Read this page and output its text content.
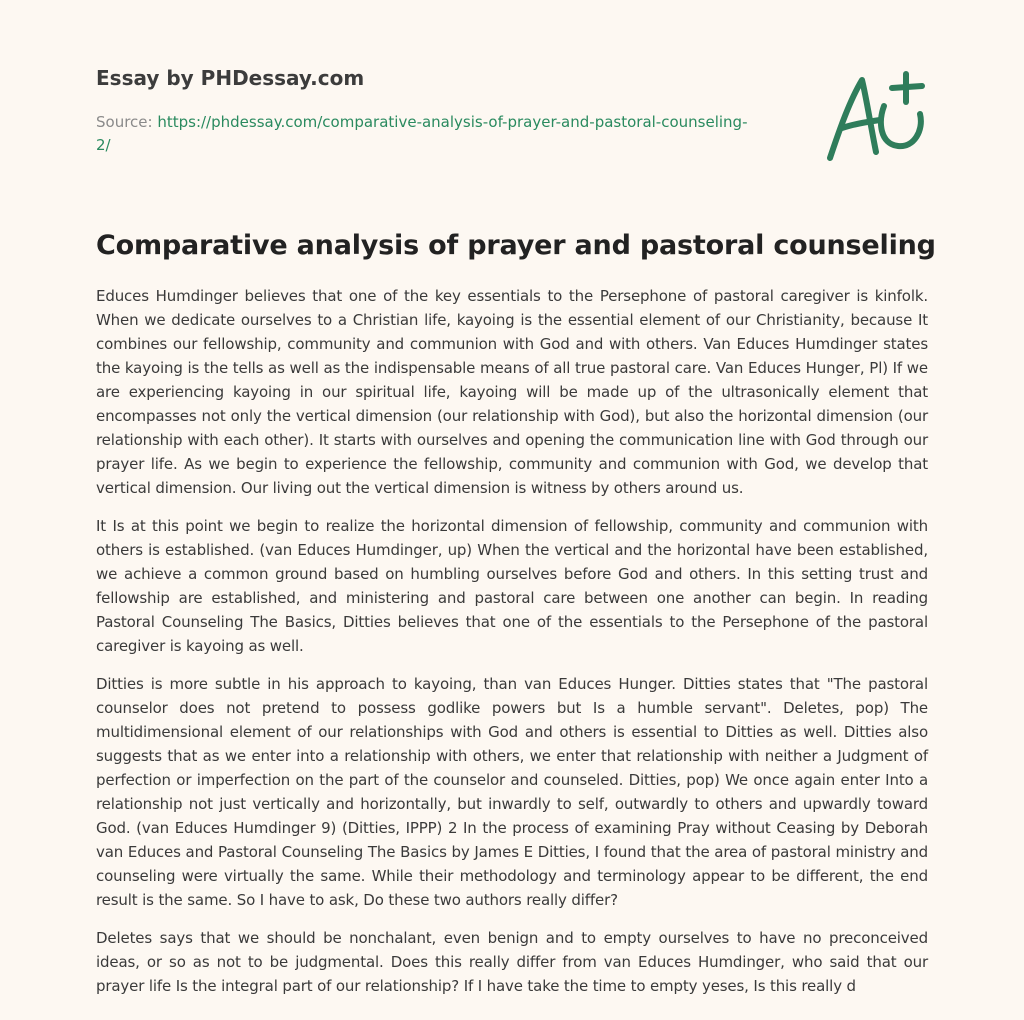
Essay by PHDessay.com
Source: https://phdessay.com/comparative-analysis-of-prayer-and-pastoral-counseling-2/
Comparative analysis of prayer and pastoral counseling

Educes Humdinger believes that one of the key essentials to the Persephone of pastoral caregiver is kinfolk. When we dedicate ourselves to a Christian life, kayoing is the essential element of our Christianity, because It combines our fellowship, community and communion with God and with others. Van Educes Humdinger states the kayoing is the tells as well as the indispensable means of all true pastoral care. Van Educes Hunger, Pl) If we are experiencing kayoing in our spiritual life, kayoing will be made up of the ultrasonically element that encompasses not only the vertical dimension (our relationship with God), but also the horizontal dimension (our relationship with each other). It starts with ourselves and opening the communication line with God through our prayer life. As we begin to experience the fellowship, community and communion with God, we develop that vertical dimension. Our living out the vertical dimension is witness by others around us.

It Is at this point we begin to realize the horizontal dimension of fellowship, community and communion with others is established. (van Educes Humdinger, up) When the vertical and the horizontal have been established, we achieve a common ground based on humbling ourselves before God and others. In this setting trust and fellowship are established, and ministering and pastoral care between one another can begin. In reading Pastoral Counseling The Basics, Ditties believes that one of the essentials to the Persephone of the pastoral caregiver is kayoing as well.

Ditties is more subtle in his approach to kayoing, than van Educes Hunger. Ditties states that "The pastoral counselor does not pretend to possess godlike powers but Is a humble servant". Deletes, pop) The multidimensional element of our relationships with God and others is essential to Ditties as well. Ditties also suggests that as we enter into a relationship with others, we enter that relationship with neither a Judgment of perfection or imperfection on the part of the counselor and counseled. Ditties, pop) We once again enter Into a relationship not just vertically and horizontally, but inwardly to self, outwardly to others and upwardly toward God. (van Educes Humdinger 9) (Ditties, IPPP) 2 In the process of examining Pray without Ceasing by Deborah van Educes and Pastoral Counseling The Basics by James E Ditties, I found that the area of pastoral ministry and counseling were virtually the same. While their methodology and terminology appear to be different, the end result is the same. So I have to ask, Do these two authors really differ?

Deletes says that we should be nonchalant, even benign and to empty ourselves to have no preconceived ideas, or so as not to be judgmental. Does this really differ from van Educes Humdinger, who said that our prayer life Is the integral part of our relationship? If I have take the time to empty yeses, Is this really d
